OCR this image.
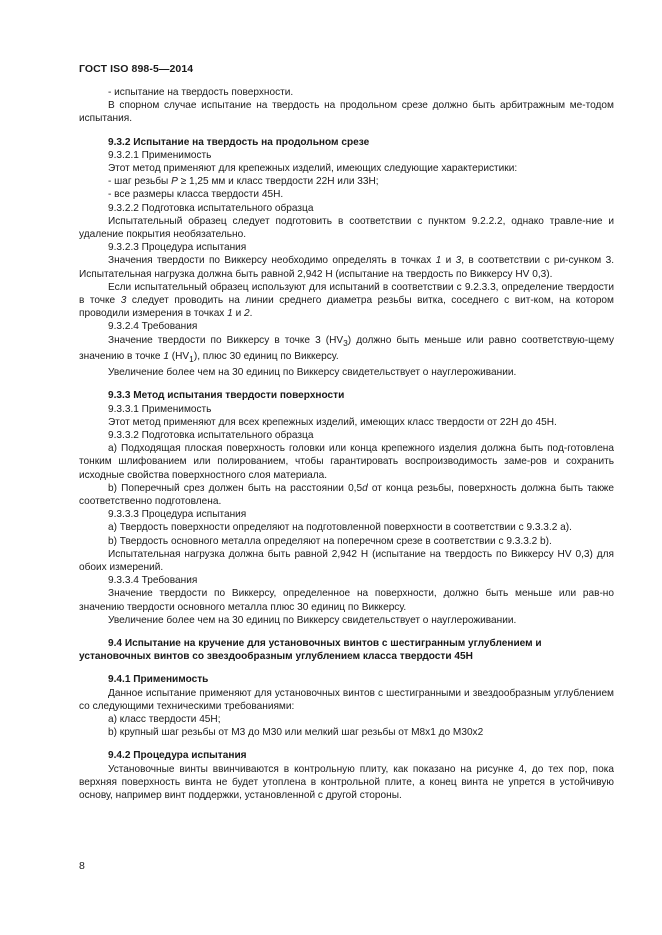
ГОСТ ISO 898-5—2014

- испытание на твердость поверхности.

В спорном случае испытание на твердость на продольном срезе должно быть арбитражным ме-тодом испытания.

9.3.2 Испытание на твердость на продольном срезе

9.3.2.1 Применимость

Этот метод применяют для крепежных изделий, имеющих следующие характеристики:

- шаг резьбы P ≥ 1,25 мм и класс твердости 22H или 33H;

- все размеры класса твердости 45H.

9.3.2.2 Подготовка испытательного образца

Испытательный образец следует подготовить в соответствии с пунктом 9.2.2.2, однако травле-ние и удаление покрытия необязательно.

9.3.2.3 Процедура испытания

Значения твердости по Виккерсу необходимо определять в точках 1 и 3, в соответствии с ри-сунком 3. Испытательная нагрузка должна быть равной 2,942 Н (испытание на твердость по Виккерсу HV 0,3).

Если испытательный образец используют для испытаний в соответствии с 9.2.3.3, определение твердости в точке 3 следует проводить на линии среднего диаметра резьбы витка, соседнего с вит-ком, на котором проводили измерения в точках 1 и 2.

9.3.2.4 Требования

Значение твердости по Виккерсу в точке 3 $(HV_3)$ должно быть меньше или равно соответствую-щему значению в точке 1 $(HV_1)$, плюс 30 единиц по Виккерсу.

Увеличение более чем на 30 единиц по Виккерсу свидетельствует о науглероживании.

9.3.3 Метод испытания твердости поверхности

9.3.3.1 Применимость

Этот метод применяют для всех крепежных изделий, имеющих класс твердости от 22H до 45H.

9.3.3.2 Подготовка испытательного образца

a) Подходящая плоская поверхность головки или конца крепежного изделия должна быть под-готовлена тонким шлифованием или полированием, чтобы гарантировать воспроизводимость заме-ров и сохранить исходные свойства поверхностного слоя материала.

b) Поперечный срез должен быть на расстоянии 0,5d от конца резьбы, поверхность должна быть также соответственно подготовлена.

9.3.3.3 Процедура испытания

a) Твердость поверхности определяют на подготовленной поверхности в соответствии с 9.3.3.2 a).

b) Твердость основного металла определяют на поперечном срезе в соответствии с 9.3.3.2 b).

Испытательная нагрузка должна быть равной 2,942 Н (испытание на твердость по Виккерсу HV 0,3) для обоих измерений.

9.3.3.4 Требования

Значение твердости по Виккерсу, определенное на поверхности, должно быть меньше или рав-но значению твердости основного металла плюс 30 единиц по Виккерсу.

Увеличение более чем на 30 единиц по Виккерсу свидетельствует о науглероживании.

9.4 Испытание на кручение для установочных винтов с шестигранным углублением и установочных винтов со звездообразным углублением класса твердости 45H

9.4.1 Применимость

Данное испытание применяют для установочных винтов с шестигранными и звездообразным углублением со следующими техническими требованиями:

a) класс твердости 45H;

b) крупный шаг резьбы от M3 до M30 или мелкий шаг резьбы от M8x1 до M30x2

9.4.2 Процедура испытания

Установочные винты ввинчиваются в контрольную плиту, как показано на рисунке 4, до тех пор, пока верхняя поверхность винта не будет утоплена в контрольной плите, а конец винта не упрется в устойчивую основу, например винт поддержки, установленной с другой стороны.

8
